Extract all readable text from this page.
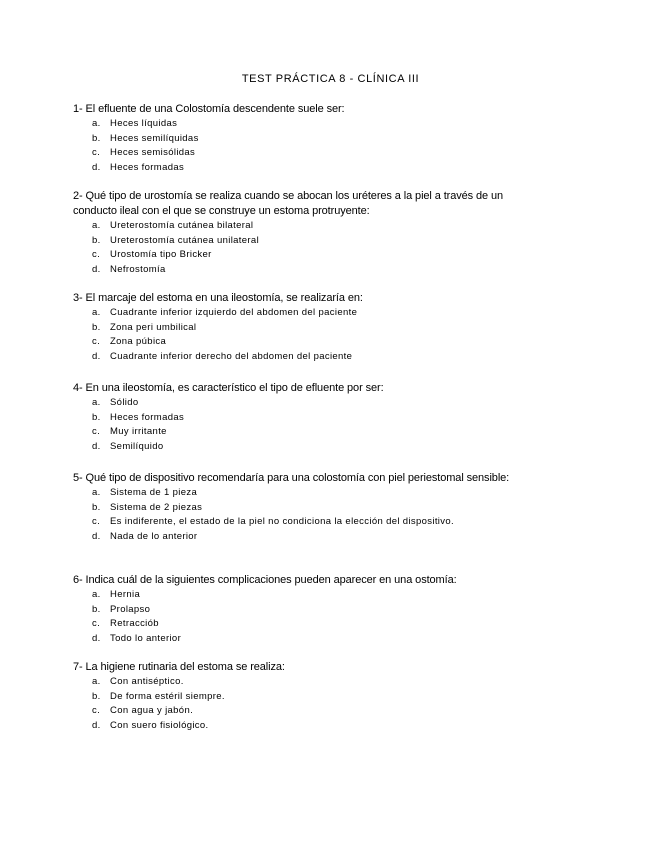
TEST PRÁCTICA 8 - CLÍNICA III

1- El efluente de una Colostomía descendente suele ser:

a. Heces líquidas
b. Heces semilíquidas
c. Heces semisólidas
d. Heces formadas

2- Qué tipo de urostomía se realiza cuando se abocan los uréteres a la piel a través de un conducto ileal con el que se construye un estoma protruyente:

a. Ureterostomía cutánea bilateral
b. Ureterostomía cutánea unilateral
c. Urostomía tipo Bricker
d. Nefrostomía

3- El marcaje del estoma en una ileostomía, se realizaría en:

a. Cuadrante inferior izquierdo del abdomen del paciente
b. Zona peri umbilical
c. Zona púbica
d. Cuadrante inferior derecho del abdomen del paciente

4- En una ileostomía, es característico el tipo de efluente por ser:

a. Sólido
b. Heces formadas
c. Muy irritante
d. Semilíquido

5- Qué tipo de dispositivo recomendaría para una colostomía con piel periestomal sensible:

a. Sistema de 1 pieza
b. Sistema de 2 piezas
c. Es indiferente, el estado de la piel no condiciona la elección del dispositivo.
d. Nada de lo anterior

6- Indica cuál de la siguientes complicaciones pueden aparecer en una ostomía:

a. Hernia
b. Prolapso
c. Retracciób
d. Todo lo anterior

7- La higiene rutinaria del estoma se realiza:

a. Con antiséptico.
b. De forma estéril siempre.
c. Con agua y jabón.
d. Con suero fisiológico.
